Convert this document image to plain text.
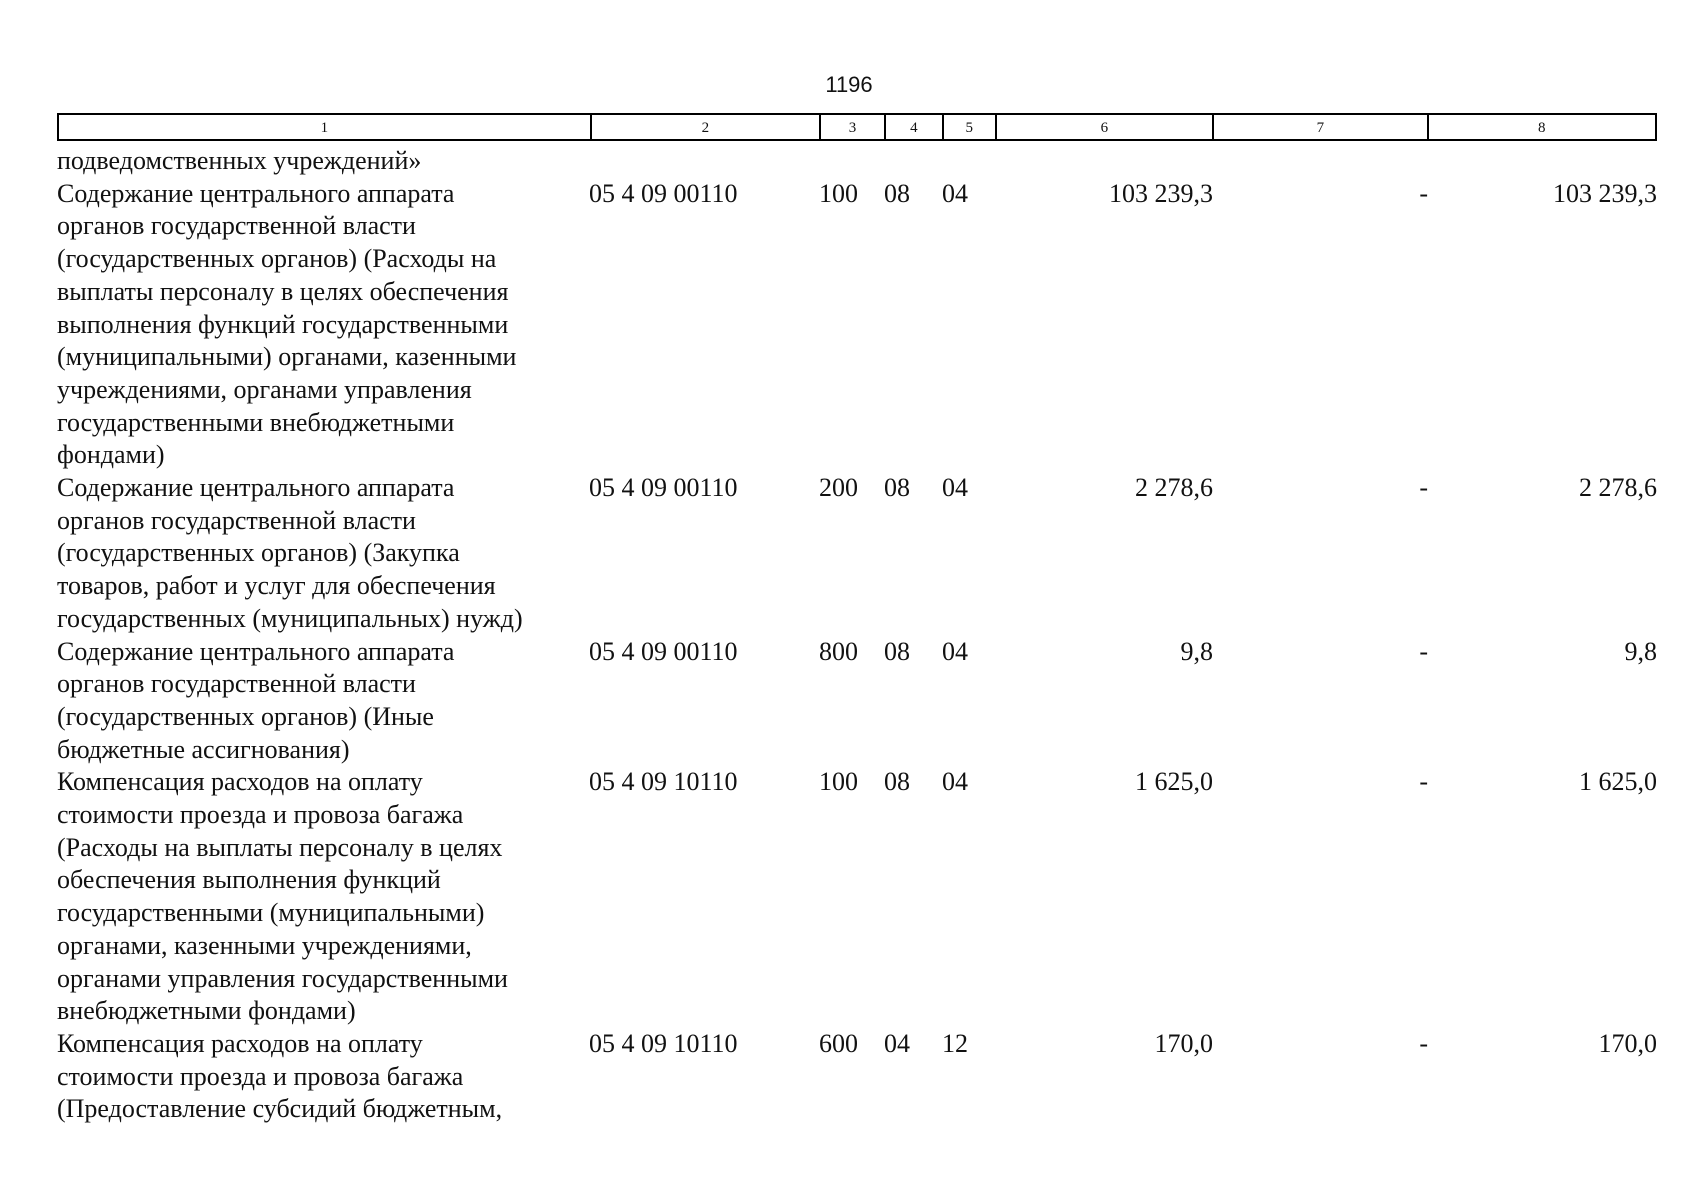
1196
1	2	3	4	5	6	7	8
подведомственных учреждений»
Содержание центрального аппарата
органов государственной власти
(государственных органов) (Расходы на
выплаты персоналу в целях обеспечения
выполнения функций государственными
(муниципальными) органами, казенными
учреждениями, органами управления
государственными внебюджетными
фондами)
05 4 09 00110	100	08	04	103 239,3	-	103 239,3
Содержание центрального аппарата
органов государственной власти
(государственных органов) (Закупка
товаров, работ и услуг для обеспечения
государственных (муниципальных) нужд)
05 4 09 00110	200	08	04	2 278,6	-	2 278,6
Содержание центрального аппарата
органов государственной власти
(государственных органов) (Иные
бюджетные ассигнования)
05 4 09 00110	800	08	04	9,8	-	9,8
Компенсация расходов на оплату
стоимости проезда и провоза багажа
(Расходы на выплаты персоналу в целях
обеспечения выполнения функций
государственными (муниципальными)
органами, казенными учреждениями,
органами управления государственными
внебюджетными фондами)
05 4 09 10110	100	08	04	1 625,0	-	1 625,0
Компенсация расходов на оплату
стоимости проезда и провоза багажа
(Предоставление субсидий бюджетным,
05 4 09 10110	600	04	12	170,0	-	170,0
